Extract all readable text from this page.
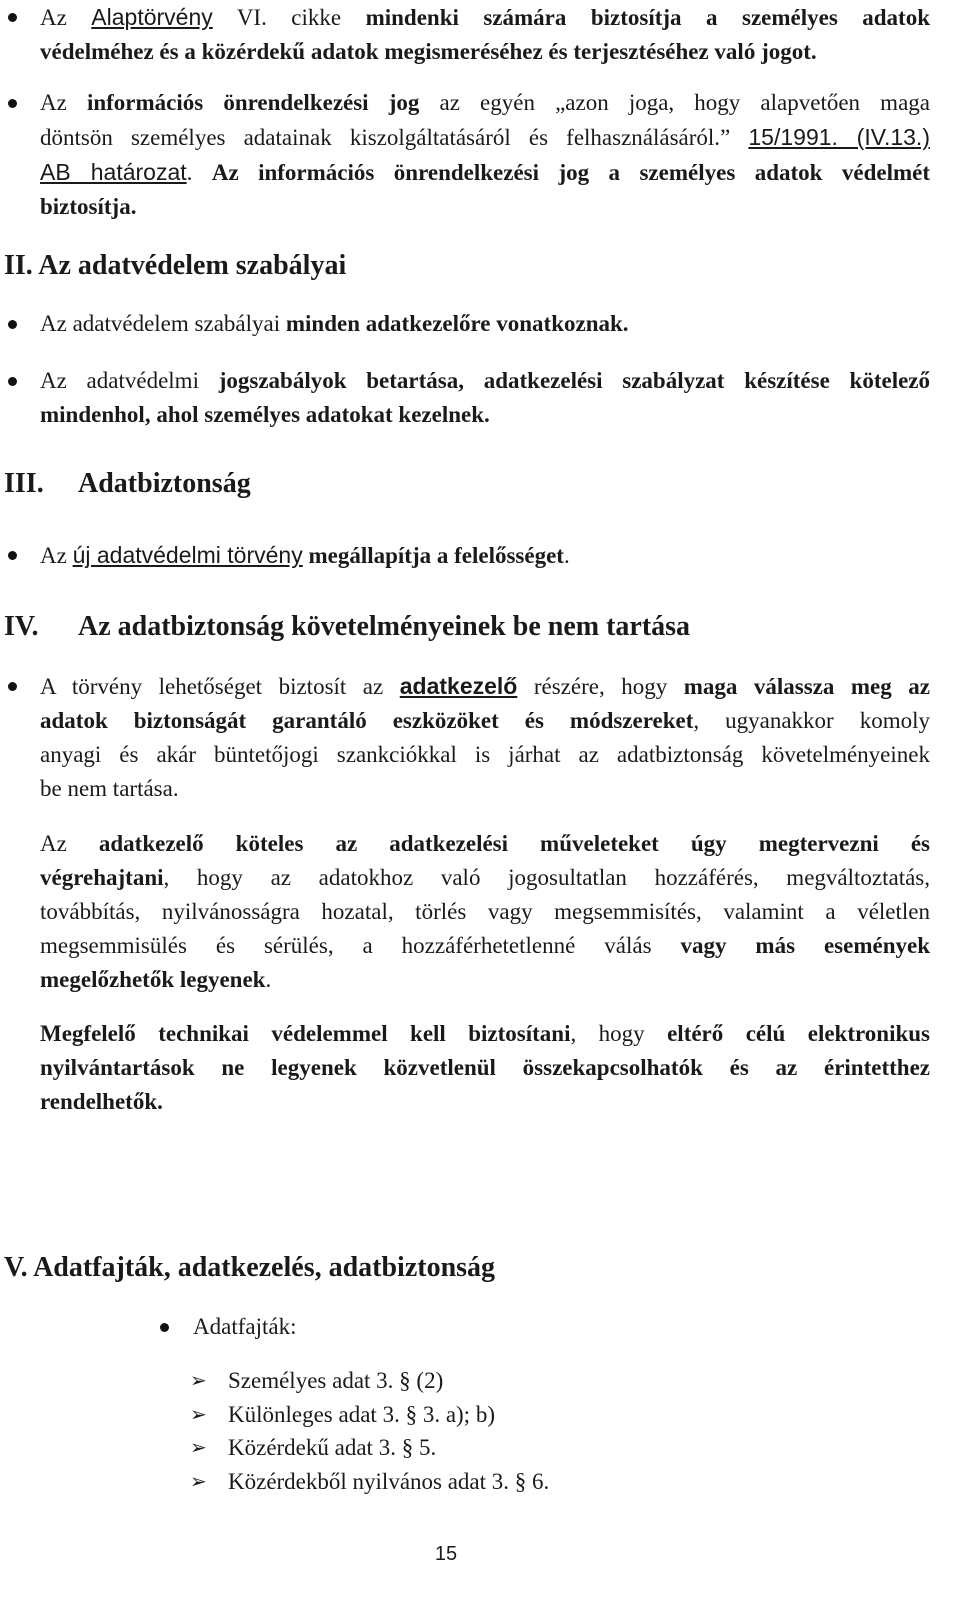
Az Alaptörvény VI. cikke mindenki számára biztosítja a személyes adatok
védelméhez és a közérdekű adatok megismeréséhez és terjesztéséhez való jogot.
Az információs önrendelkezési jog az egyén „azon joga, hogy alapvetően maga
döntsön személyes adatainak kiszolgáltatásáról és felhasználásáról.” 15/1991. (IV.13.)
AB határozat. Az információs önrendelkezési jog a személyes adatok védelmét
biztosítja.
II. Az adatvédelem szabályai
Az adatvédelem szabályai minden adatkezelőre vonatkoznak.
Az adatvédelmi jogszabályok betartása, adatkezelési szabályzat készítése kötelező
mindenhol, ahol személyes adatokat kezelnek.
III. Adatbiztonság
Az új adatvédelmi törvény megállapítja a felelősséget.
IV. Az adatbiztonság követelményeinek be nem tartása
A törvény lehetőséget biztosít az adatkezelő részére, hogy maga válassza meg az
adatok biztonságát garantáló eszközöket és módszereket, ugyanakkor komoly
anyagi és akár büntetőjogi szankciókkal is járhat az adatbiztonság követelményeinek
be nem tartása.
Az adatkezelő köteles az adatkezelési műveleteket úgy megtervezni és
végrehajtani, hogy az adatokhoz való jogosultatlan hozzáférés, megváltoztatás,
továbbítás, nyilvánosságra hozatal, törlés vagy megsemmisítés, valamint a véletlen
megsemmisülés és sérülés, a hozzáférhetetlenné válás vagy más események
megelőzhetők legyenek.
Megfelelő technikai védelemmel kell biztosítani, hogy eltérő célú elektronikus
nyilvántartások ne legyenek közvetlenül összekapcsolhatók és az érintetthez
rendelhetők.
V. Adatfajták, adatkezelés, adatbiztonság
Adatfajták:
➢ Személyes adat 3. § (2)
➢ Különleges adat 3. § 3. a); b)
➢ Közérdekű adat 3. § 5.
➢ Közérdekből nyilvános adat 3. § 6.
15
